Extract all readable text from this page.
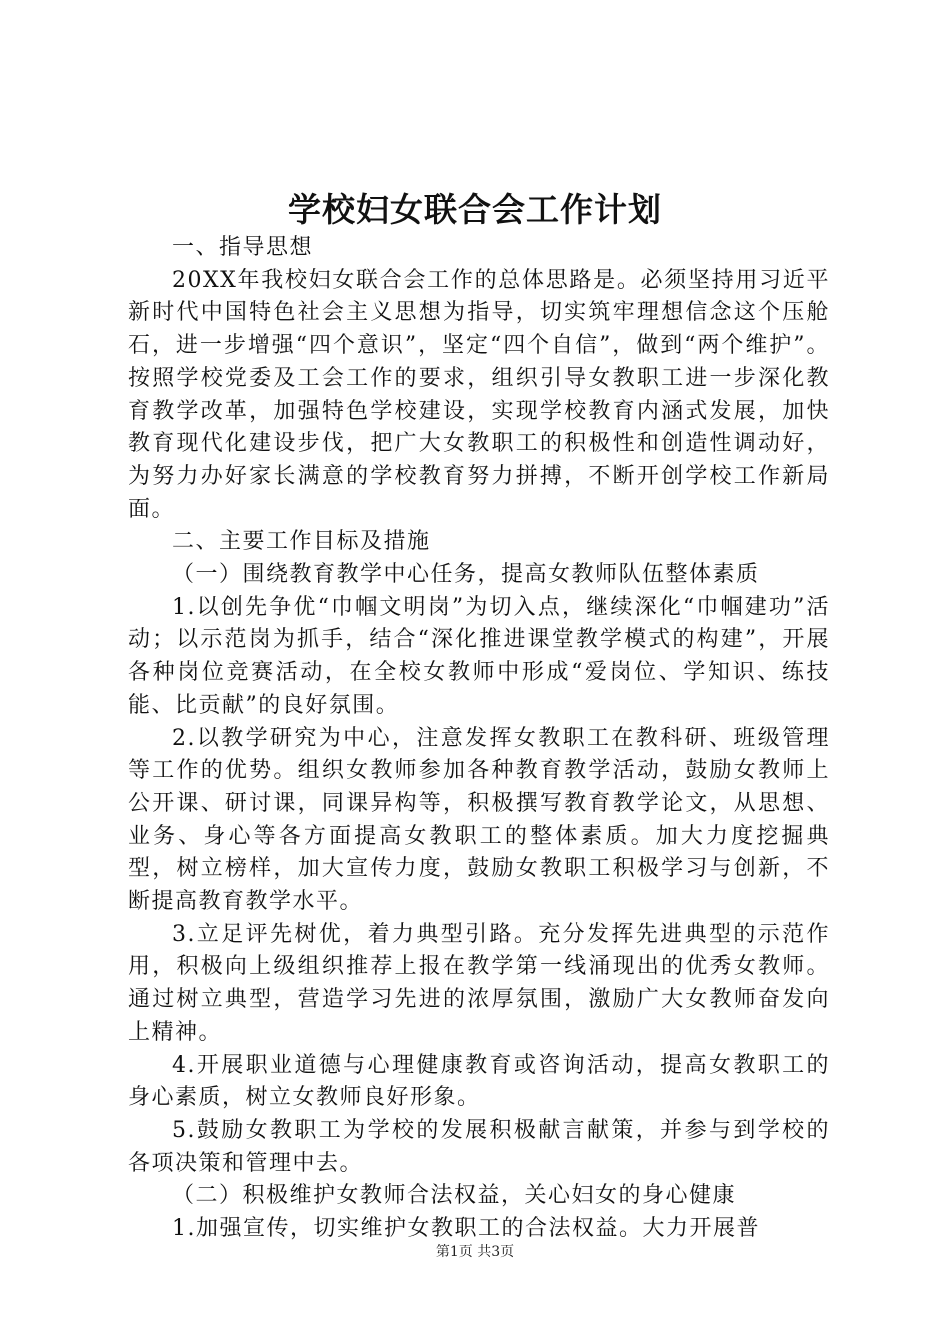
学校妇女联合会工作计划

一、指导思想

20XX年我校妇女联合会工作的总体思路是。必须坚持用习近平新时代中国特色社会主义思想为指导，切实筑牢理想信念这个压舱石，进一步增强“四个意识”，坚定“四个自信”，做到“两个维护”。按照学校党委及工会工作的要求，组织引导女教职工进一步深化教育教学改革，加强特色学校建设，实现学校教育内涵式发展，加快教育现代化建设步伐，把广大女教职工的积极性和创造性调动好，为努力办好家长满意的学校教育努力拼搏，不断开创学校工作新局面。

二、主要工作目标及措施

（一）围绕教育教学中心任务，提高女教师队伍整体素质

1.以创先争优“巾帼文明岗”为切入点，继续深化“巾帼建功”活动；以示范岗为抓手，结合“深化推进课堂教学模式的构建”，开展各种岗位竞赛活动，在全校女教师中形成“爱岗位、学知识、练技能、比贡献”的良好氛围。

2.以教学研究为中心，注意发挥女教职工在教科研、班级管理等工作的优势。组织女教师参加各种教育教学活动，鼓励女教师上公开课、研讨课，同课异构等，积极撰写教育教学论文，从思想、业务、身心等各方面提高女教职工的整体素质。加大力度挖掘典型，树立榜样，加大宣传力度，鼓励女教职工积极学习与创新，不断提高教育教学水平。

3.立足评先树优，着力典型引路。充分发挥先进典型的示范作用，积极向上级组织推荐上报在教学第一线涌现出的优秀女教师。通过树立典型，营造学习先进的浓厚氛围，激励广大女教师奋发向上精神。

4.开展职业道德与心理健康教育或咨询活动，提高女教职工的身心素质，树立女教师良好形象。

5.鼓励女教职工为学校的发展积极献言献策，并参与到学校的各项决策和管理中去。

（二）积极维护女教师合法权益，关心妇女的身心健康

1.加强宣传，切实维护女教职工的合法权益。大力开展普

第1页 共3页
